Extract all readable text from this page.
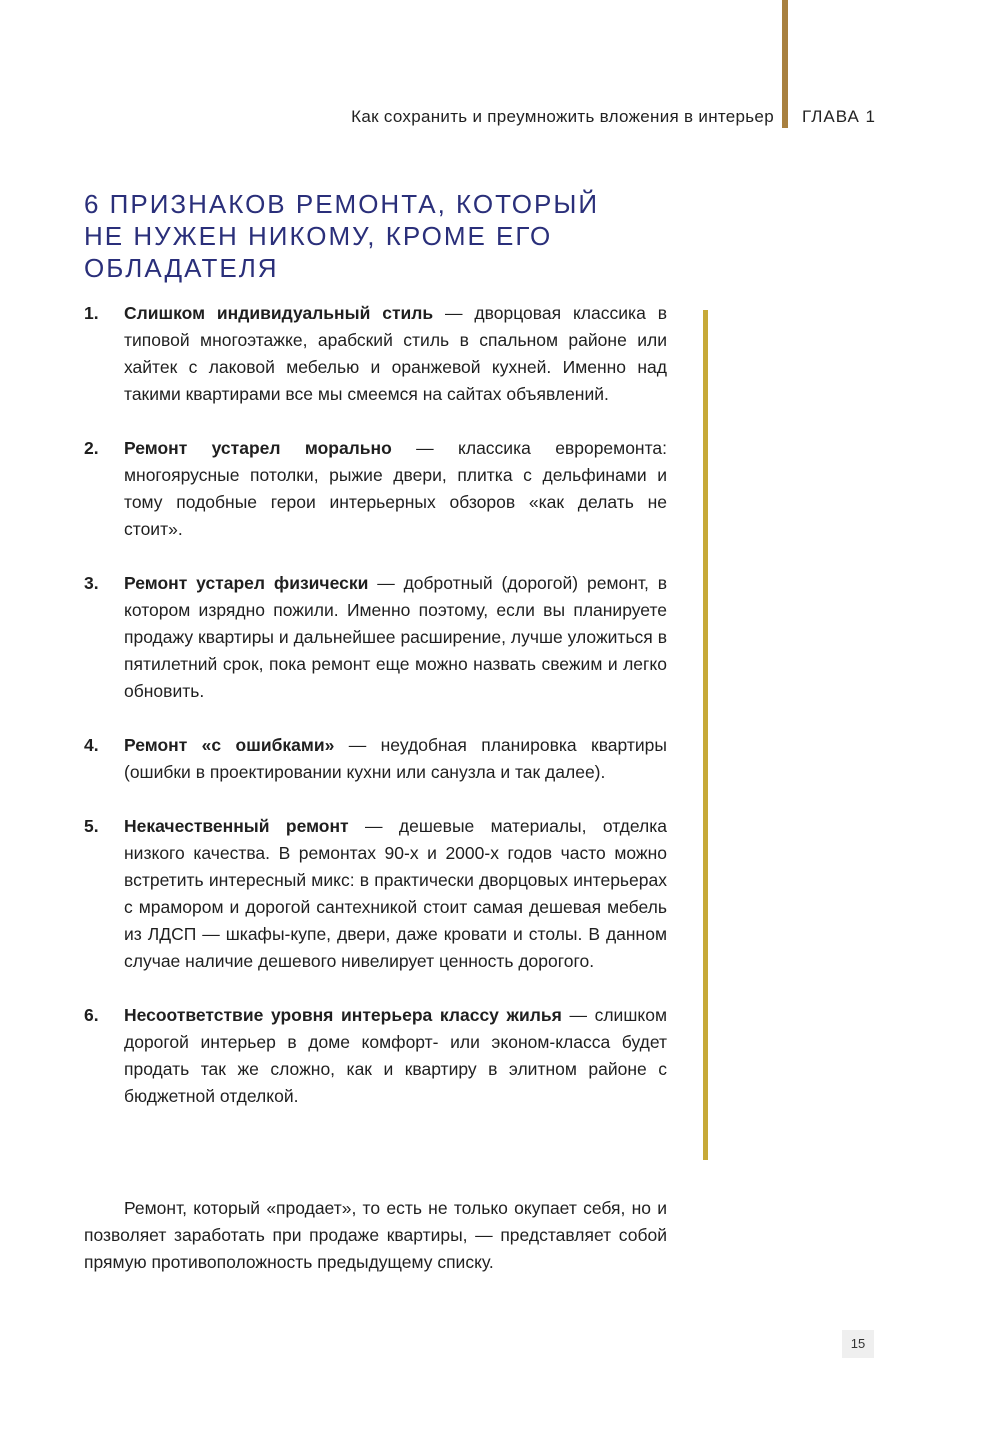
Как сохранить и преумножить вложения в интерьер	ГЛАВА 1
6 ПРИЗНАКОВ РЕМОНТА, КОТОРЫЙ НЕ НУЖЕН НИКОМУ, КРОМЕ ЕГО ОБЛАДАТЕЛЯ
1.	Слишком индивидуальный стиль — дворцовая классика в типовой многоэтажке, арабский стиль в спальном районе или хайтек с лаковой мебелью и оранжевой кухней. Именно над такими квартирами все мы смеемся на сайтах объявлений.

2.	Ремонт устарел морально — классика евроремонта: многоярусные потолки, рыжие двери, плитка с дельфинами и тому подобные герои интерьерных обзоров «как делать не стоит».

3.	Ремонт устарел физически — добротный (дорогой) ремонт, в котором изрядно пожили. Именно поэтому, если вы планируете продажу квартиры и дальнейшее расширение, лучше уложиться в пятилетний срок, пока ремонт еще можно назвать свежим и легко обновить.

4.	Ремонт «с ошибками» — неудобная планировка квартиры (ошибки в проектировании кухни или санузла и так далее).

5.	Некачественный ремонт — дешевые материалы, отделка низкого качества. В ремонтах 90-х и 2000-х годов часто можно встретить интересный микс: в практически дворцовых интерьерах с мрамором и дорогой сантехникой стоит самая дешевая мебель из ЛДСП — шкафы-купе, двери, даже кровати и столы. В данном случае наличие дешевого нивелирует ценность дорогого.

6.	Несоответствие уровня интерьера классу жилья — слишком дорогой интерьер в доме комфорт- или эконом-класса будет продать так же сложно, как и квартиру в элитном районе с бюджетной отделкой.

Ремонт, который «продает», то есть не только окупает себя, но и позволяет заработать при продаже квартиры, — представляет собой прямую противоположность предыдущему списку.

15
